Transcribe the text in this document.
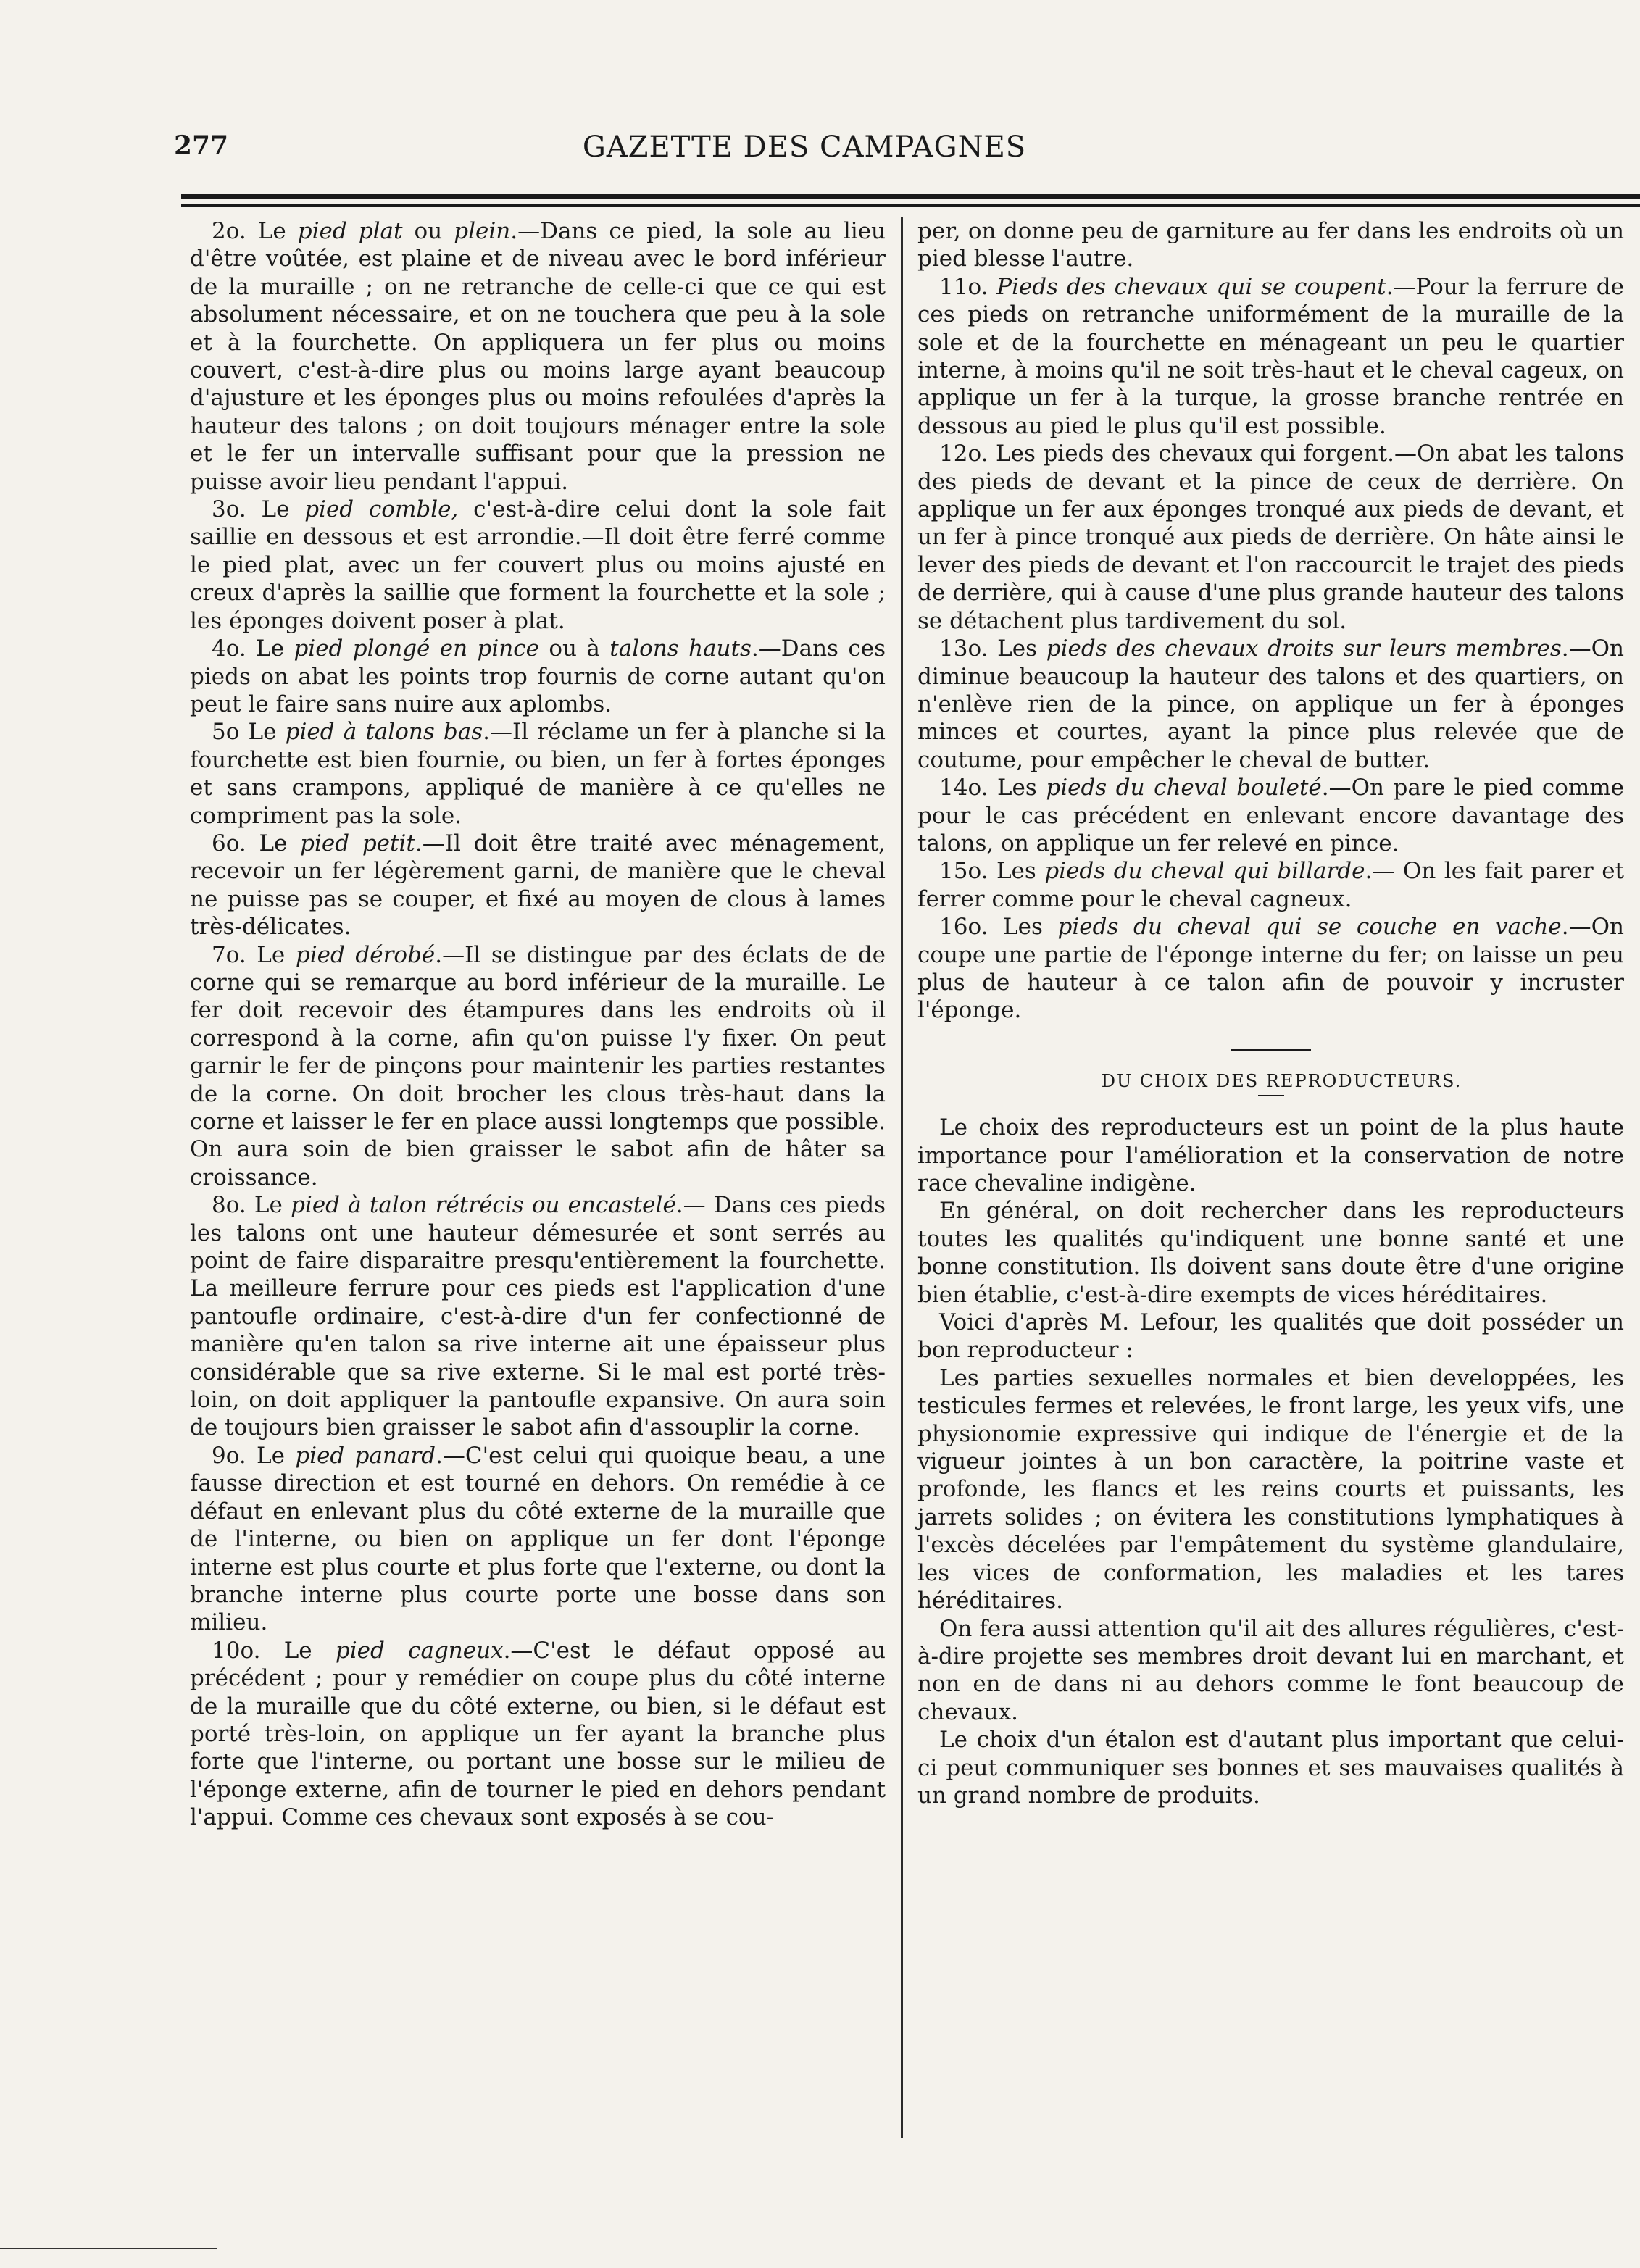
277	GAZETTE DES CAMPAGNES

2o. Le pied plat ou plein.—Dans ce pied, la sole au lieu d'être voûtée, est plaine et de niveau avec le bord inférieur de la muraille ; on ne retranche de celle-ci que ce qui est absolument nécessaire, et on ne touchera que peu à la sole et à la fourchette. On appliquera un fer plus ou moins couvert, c'est-à-dire plus ou moins large ayant beaucoup d'ajusture et les éponges plus ou moins refoulées d'après la hauteur des talons ; on doit toujours ménager entre la sole et le fer un intervalle suffisant pour que la pression ne puisse avoir lieu pendant l'appui.

3o. Le pied comble, c'est-à-dire celui dont la sole fait saillie en dessous et est arrondie.—Il doit être ferré comme le pied plat, avec un fer couvert plus ou moins ajusté en creux d'après la saillie que forment la fourchette et la sole ; les éponges doivent poser à plat.

4o. Le pied plongé en pince ou à talons hauts.—Dans ces pieds on abat les points trop fournis de corne autant qu'on peut le faire sans nuire aux aplombs.

5o Le pied à talons bas.—Il réclame un fer à planche si la fourchette est bien fournie, ou bien, un fer à fortes éponges et sans crampons, appliqué de manière à ce qu'elles ne compriment pas la sole.

6o. Le pied petit.—Il doit être traité avec ménagement, recevoir un fer légèrement garni, de manière que le cheval ne puisse pas se couper, et fixé au moyen de clous à lames très-délicates.

7o. Le pied dérobé.—Il se distingue par des éclats de de corne qui se remarque au bord inférieur de la muraille. Le fer doit recevoir des étampures dans les endroits où il correspond à la corne, afin qu'on puisse l'y fixer. On peut garnir le fer de pinçons pour maintenir les parties restantes de la corne. On doit brocher les clous très-haut dans la corne et laisser le fer en place aussi longtemps que possible. On aura soin de bien graisser le sabot afin de hâter sa croissance.

8o. Le pied à talon rétrécis ou encastelé.— Dans ces pieds les talons ont une hauteur démesurée et sont serrés au point de faire disparaitre presqu'entièrement la fourchette. La meilleure ferrure pour ces pieds est l'application d'une pantoufle ordinaire, c'est-à-dire d'un fer confectionné de manière qu'en talon sa rive interne ait une épaisseur plus considérable que sa rive externe. Si le mal est porté très-loin, on doit appliquer la pantoufle expansive. On aura soin de toujours bien graisser le sabot afin d'assouplir la corne.

9o. Le pied panard.—C'est celui qui quoique beau, a une fausse direction et est tourné en dehors. On remédie à ce défaut en enlevant plus du côté externe de la muraille que de l'interne, ou bien on applique un fer dont l'éponge interne est plus courte et plus forte que l'externe, ou dont la branche interne plus courte porte une bosse dans son milieu.

10o. Le pied cagneux.—C'est le défaut opposé au précédent ; pour y remédier on coupe plus du côté interne de la muraille que du côté externe, ou bien, si le défaut est porté très-loin, on applique un fer ayant la branche plus forte que l'interne, ou portant une bosse sur le milieu de l'éponge externe, afin de tourner le pied en dehors pendant l'appui. Comme ces chevaux sont exposés à se cou-

per, on donne peu de garniture au fer dans les endroits où un pied blesse l'autre.

11o. Pieds des chevaux qui se coupent.—Pour la ferrure de ces pieds on retranche uniformément de la muraille de la sole et de la fourchette en ménageant un peu le quartier interne, à moins qu'il ne soit très-haut et le cheval cageux, on applique un fer à la turque, la grosse branche rentrée en dessous au pied le plus qu'il est possible.

12o. Les pieds des chevaux qui forgent.—On abat les talons des pieds de devant et la pince de ceux de derrière. On applique un fer aux éponges tronqué aux pieds de devant, et un fer à pince tronqué aux pieds de derrière. On hâte ainsi le lever des pieds de devant et l'on raccourcit le trajet des pieds de derrière, qui à cause d'une plus grande hauteur des talons se détachent plus tardivement du sol.

13o. Les pieds des chevaux droits sur leurs membres.—On diminue beaucoup la hauteur des talons et des quartiers, on n'enlève rien de la pince, on applique un fer à éponges minces et courtes, ayant la pince plus relevée que de coutume, pour empêcher le cheval de butter.

14o. Les pieds du cheval bouleté.—On pare le pied comme pour le cas précédent en enlevant encore davantage des talons, on applique un fer relevé en pince.

15o. Les pieds du cheval qui billarde.— On les fait parer et ferrer comme pour le cheval cagneux.

16o. Les pieds du cheval qui se couche en vache.—On coupe une partie de l'éponge interne du fer; on laisse un peu plus de hauteur à ce talon afin de pouvoir y incruster l'éponge.

DU CHOIX DES REPRODUCTEURS.

Le choix des reproducteurs est un point de la plus haute importance pour l'amélioration et la conservation de notre race chevaline indigène.

En général, on doit rechercher dans les reproducteurs toutes les qualités qu'indiquent une bonne santé et une bonne constitution. Ils doivent sans doute être d'une origine bien établie, c'est-à-dire exempts de vices héréditaires.

Voici d'après M. Lefour, les qualités que doit posséder un bon reproducteur :

Les parties sexuelles normales et bien developpées, les testicules fermes et relevées, le front large, les yeux vifs, une physionomie expressive qui indique de l'énergie et de la vigueur jointes à un bon caractère, la poitrine vaste et profonde, les flancs et les reins courts et puissants, les jarrets solides ; on évitera les constitutions lymphatiques à l'excès décelées par l'empâtement du système glandulaire, les vices de conformation, les maladies et les tares héréditaires.

On fera aussi attention qu'il ait des allures régulières, c'est-à-dire projette ses membres droit devant lui en marchant, et non en de dans ni au dehors comme le font beaucoup de chevaux.

Le choix d'un étalon est d'autant plus important que celui-ci peut communiquer ses bonnes et ses mauvaises qualités à un grand nombre de produits.
